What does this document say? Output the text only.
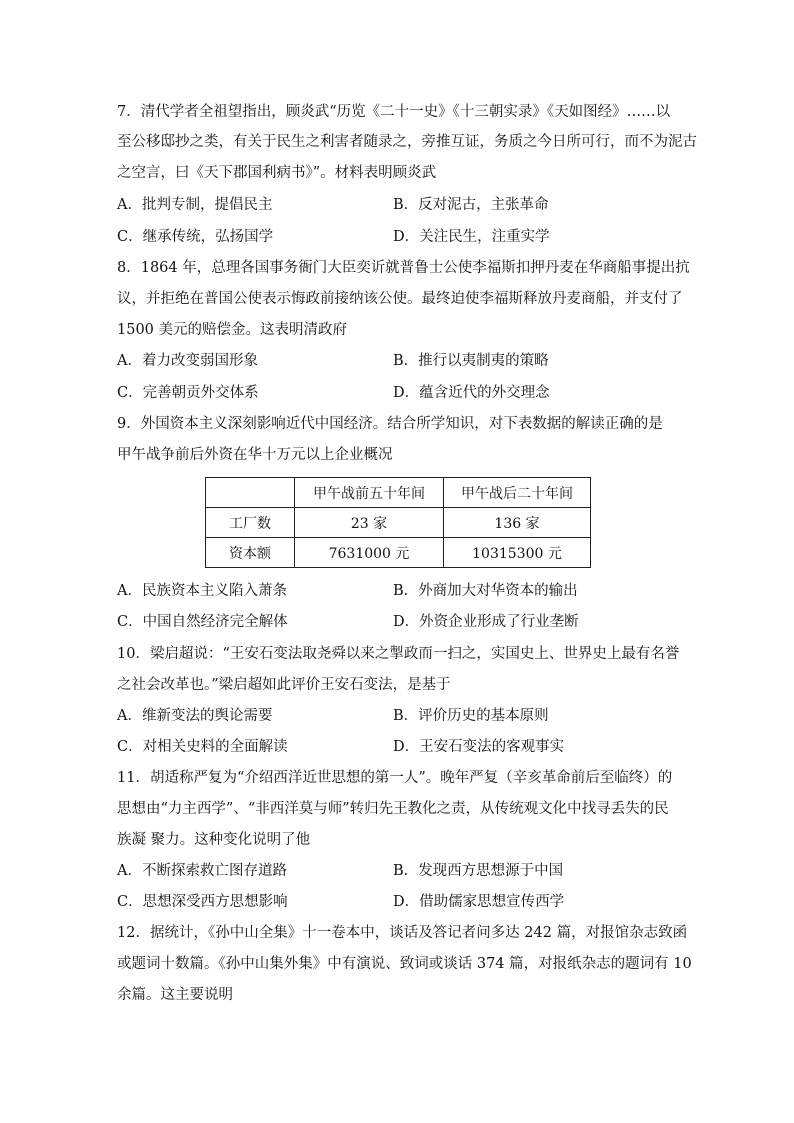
7．清代学者全祖望指出，顾炎武“历览《二十一史》《十三朝实录》《天如图经》……以
至公移邸抄之类，有关于民生之利害者随录之，旁推互证，务质之今日所可行，而不为泥古
之空言，曰《天下郡国利病书》”。材料表明顾炎武
A．批判专制，提倡民主	B．反对泥古，主张革命
C．继承传统，弘扬国学	D．关注民生，注重实学
8．1864 年，总理各国事务衙门大臣奕䜣就普鲁士公使李福斯扣押丹麦在华商船事提出抗
议，并拒绝在普国公使表示悔政前接纳该公使。最终迫使李福斯释放丹麦商船，并支付了
1500 美元的赔偿金。这表明清政府
A．着力改变弱国形象	B．推行以夷制夷的策略
C．完善朝贡外交体系	D．蕴含近代的外交理念
9．外国资本主义深刻影响近代中国经济。结合所学知识，对下表数据的解读正确的是
甲午战争前后外资在华十万元以上企业概况
10．梁启超说：“王安石变法取尧舜以来之掣政而一扫之，实国史上、世界史上最有名誉
之社会改革也。”梁启超如此评价王安石变法，是基于
A．维新变法的舆论需要	B．评价历史的基本原则
C．对相关史料的全面解读	D．王安石变法的客观事实
11．胡适称严复为“介绍西洋近世思想的第一人”。晚年严复（辛亥革命前后至临终）的
思想由“力主西学”、“非西洋莫与师”转归先王教化之责，从传统观文化中找寻丢失的民
族凝 聚力。这种变化说明了他
A．不断探索救亡图存道路	B．发现西方思想源于中国
C．思想深受西方思想影响	D．借助儒家思想宣传西学
12．据统计，《孙中山全集》十一卷本中，谈话及答记者问多达 242 篇，对报馆杂志致函
或题词十数篇。《孙中山集外集》中有演说、致词或谈话 374 篇，对报纸杂志的题词有 10
余篇。这主要说明
	甲午战前五十年间	甲午战后二十年间
工厂数	23 家	136 家
资本额	7631000 元	10315300 元
A．民族资本主义陷入萧条	B．外商加大对华资本的输出
C．中国自然经济完全解体	D．外资企业形成了行业垄断
